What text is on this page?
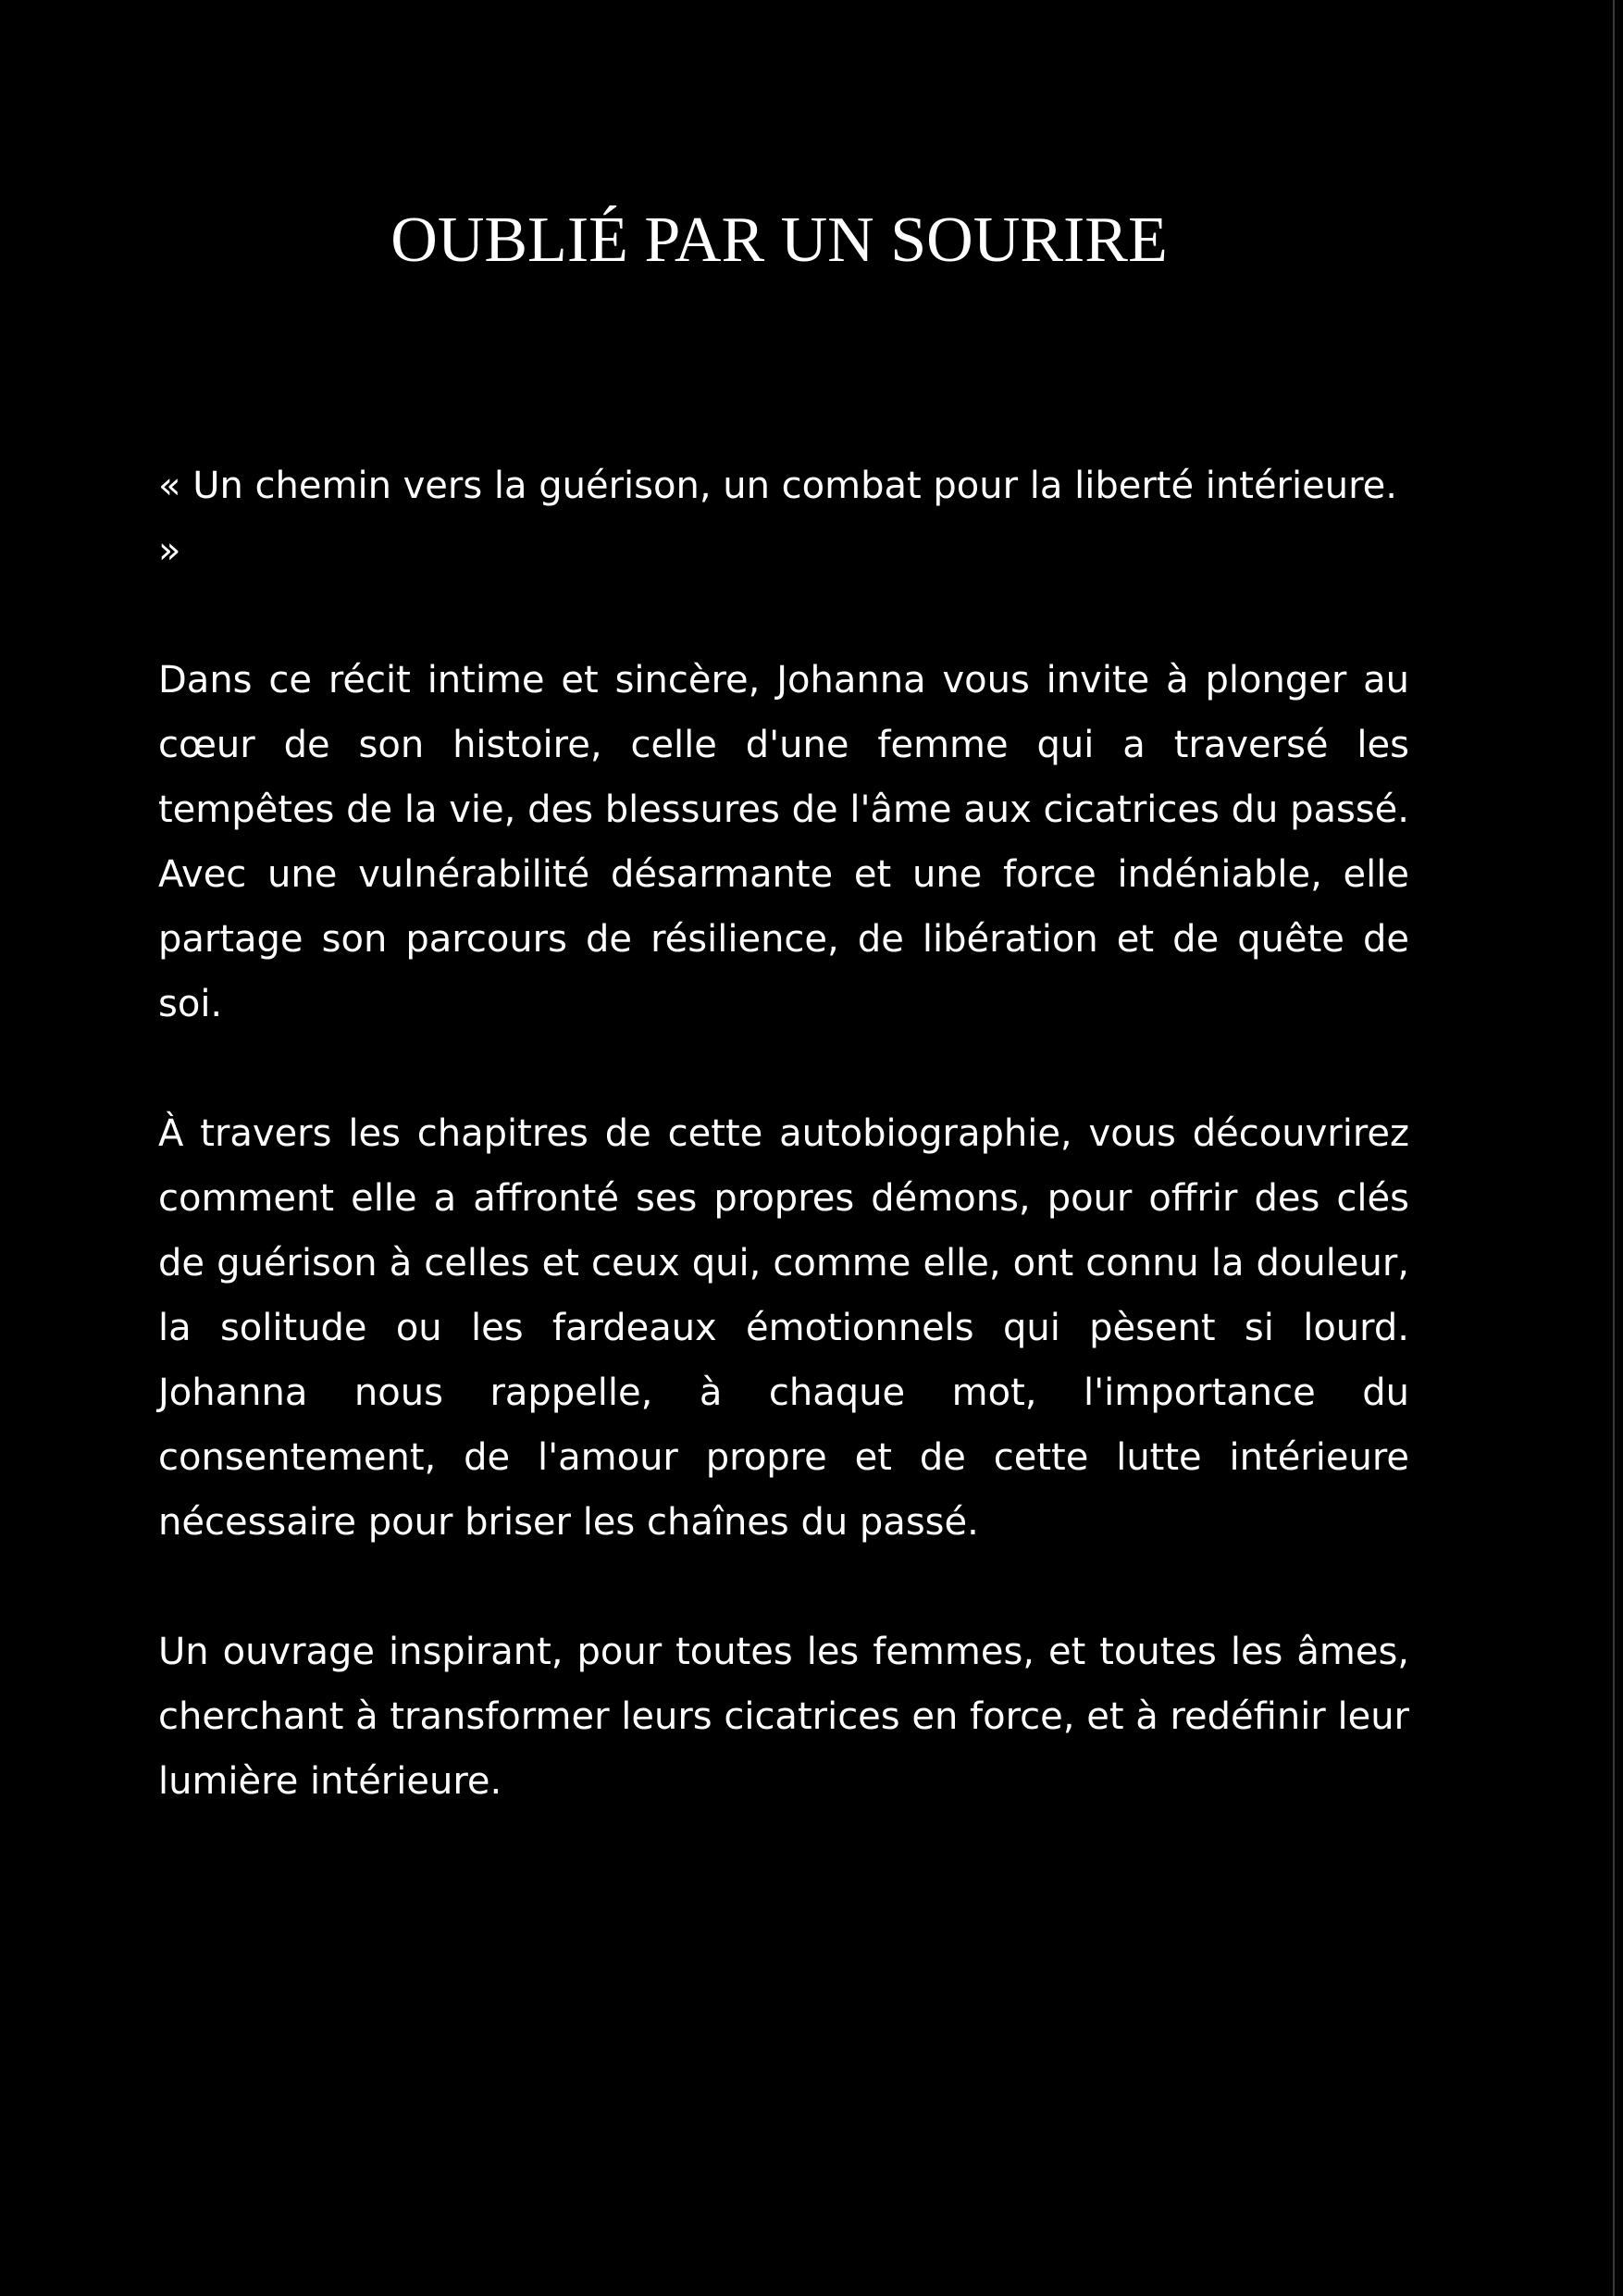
OUBLIÉ PAR UN SOURIRE

« Un chemin vers la guérison, un combat pour la liberté intérieure. »

Dans ce récit intime et sincère, Johanna vous invite à plonger au cœur de son histoire, celle d'une femme qui a traversé les tempêtes de la vie, des blessures de l'âme aux cicatrices du passé. Avec une vulnérabilité désarmante et une force indéniable, elle partage son parcours de résilience, de libération et de quête de soi.

À travers les chapitres de cette autobiographie, vous découvrirez comment elle a affronté ses propres démons, pour offrir des clés de guérison à celles et ceux qui, comme elle, ont connu la douleur, la solitude ou les fardeaux émotionnels qui pèsent si lourd. Johanna nous rappelle, à chaque mot, l'importance du consentement, de l'amour propre et de cette lutte intérieure nécessaire pour briser les chaînes du passé.

Un ouvrage inspirant, pour toutes les femmes, et toutes les âmes, cherchant à transformer leurs cicatrices en force, et à redéfinir leur lumière intérieure.
